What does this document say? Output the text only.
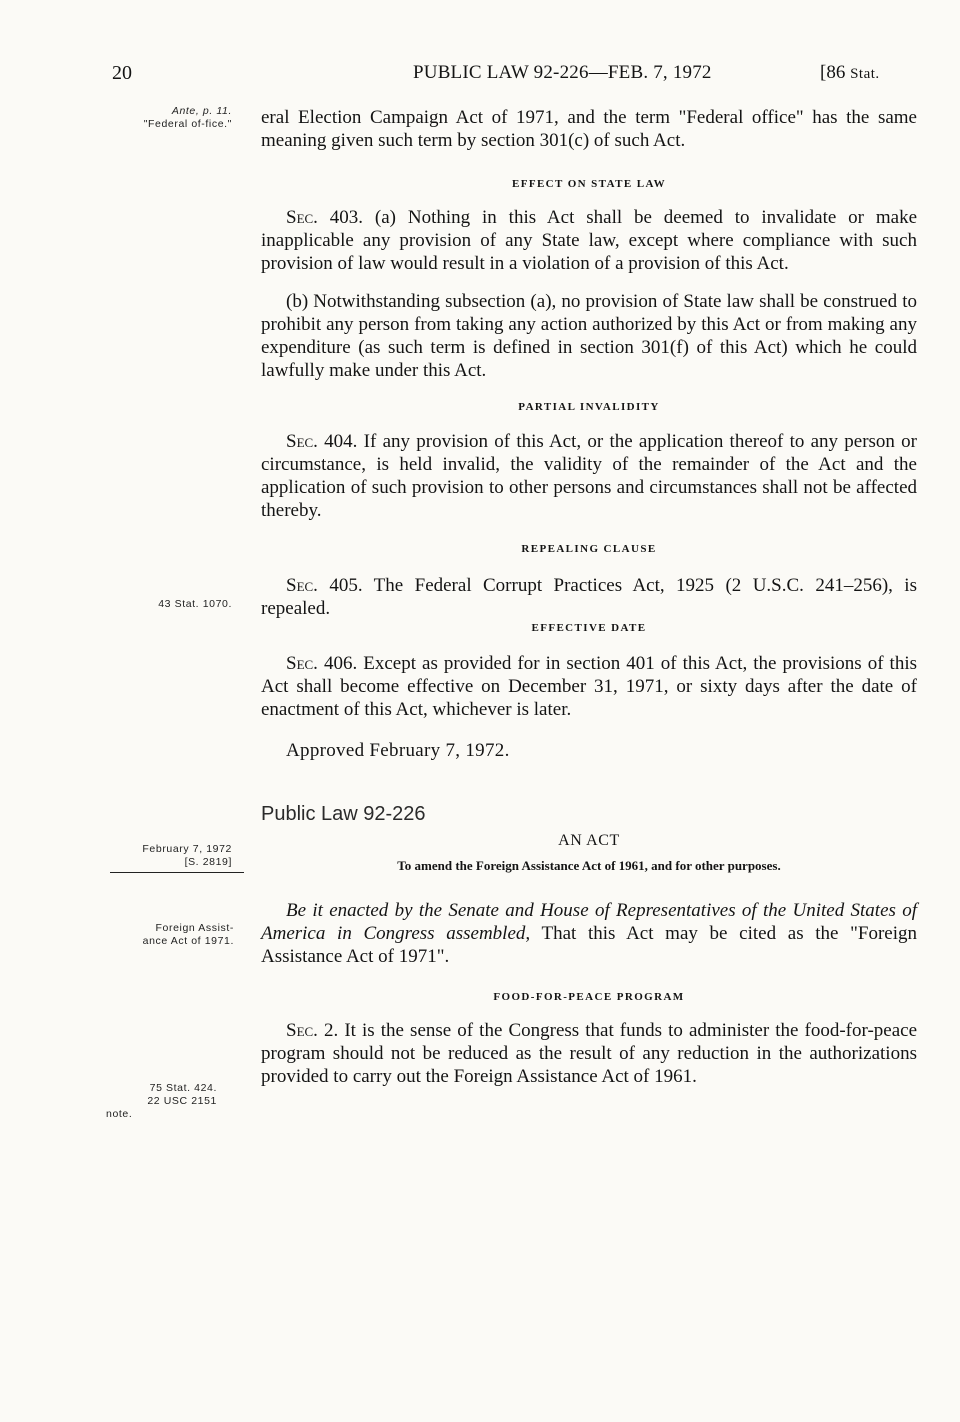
20	PUBLIC LAW 92-226—FEB. 7, 1972	[86 Stat.
Ante, p. 11.
"Federal of-fice."
43 Stat. 1070.
February 7, 1972
[S. 2819]
Foreign Assist-
ance Act of 1971.
75 Stat. 424.
22 USC 2151
note.
eral Election Campaign Act of 1971, and the term "Federal office" has the same meaning given such term by section 301(c) of such Act.
EFFECT ON STATE LAW
Sec. 403. (a) Nothing in this Act shall be deemed to invalidate or make inapplicable any provision of any State law, except where compliance with such provision of law would result in a violation of a provision of this Act.
(b) Notwithstanding subsection (a), no provision of State law shall be construed to prohibit any person from taking any action authorized by this Act or from making any expenditure (as such term is defined in section 301(f) of this Act) which he could lawfully make under this Act.
PARTIAL INVALIDITY
Sec. 404. If any provision of this Act, or the application thereof to any person or circumstance, is held invalid, the validity of the remainder of the Act and the application of such provision to other persons and circumstances shall not be affected thereby.
REPEALING CLAUSE
Sec. 405. The Federal Corrupt Practices Act, 1925 (2 U.S.C. 241–256), is repealed.
EFFECTIVE DATE
Sec. 406. Except as provided for in section 401 of this Act, the provisions of this Act shall become effective on December 31, 1971, or sixty days after the date of enactment of this Act, whichever is later.
Approved February 7, 1972.
Public Law 92-226
AN ACT
To amend the Foreign Assistance Act of 1961, and for other purposes.
Be it enacted by the Senate and House of Representatives of the United States of America in Congress assembled, That this Act may be cited as the "Foreign Assistance Act of 1971".
FOOD-FOR-PEACE PROGRAM
Sec. 2. It is the sense of the Congress that funds to administer the food-for-peace program should not be reduced as the result of any reduction in the authorizations provided to carry out the Foreign Assistance Act of 1961.
